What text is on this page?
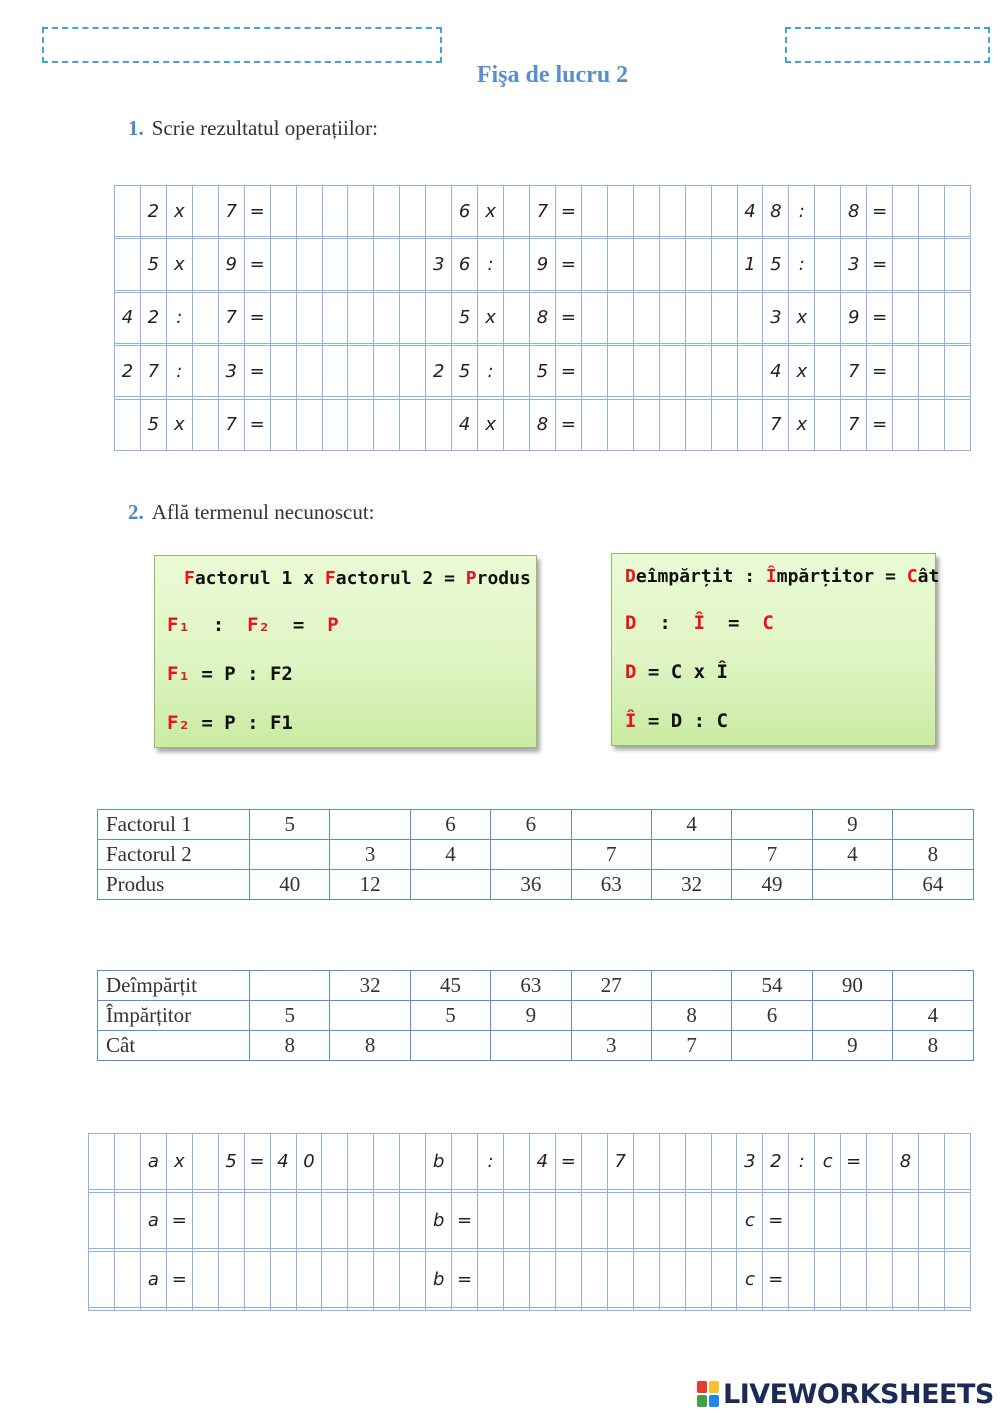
Fişa de lucru 2
1. Scrie rezultatul operațiilor:
	2	x		7	=								6	x		7	=							4	8	:		8	=			

	5	x		9	=							3	6	:		9	=							1	5	:		3	=			

4	2	:		7	=								5	x		8	=								3	x		9	=			

2	7	:		3	=							2	5	:		5	=								4	x		7	=			

	5	x		7	=								4	x		8	=								7	x		7	=			
2. Află termenul necunoscut:
Factorul 1 x Factorul 2 = Produs
F₁  :  F₂  =  P
F₁ = P : F2
F₂ = P : F1
Deîmpărțit : Împărțitor = Cât
D  :  Î  =  C
D = C x Î
Î = D : C
Factorul 1	5		6	6		4		9	
Factorul 2		3	4		7		7	4	8
Produs	40	12		36	63	32	49		64
Deîmpărțit		32	45	63	27		54	90	
Împărțitor	5		5	9		8	6		4
Cât	8	8			3	7		9	8
		a	x		5	=	4	0					b		:		4	=		7					3	2	:	c	=		8		

		a	=										b	=											c	=							

		a	=										b	=											c	=							

LIVEWORKSHEETS
